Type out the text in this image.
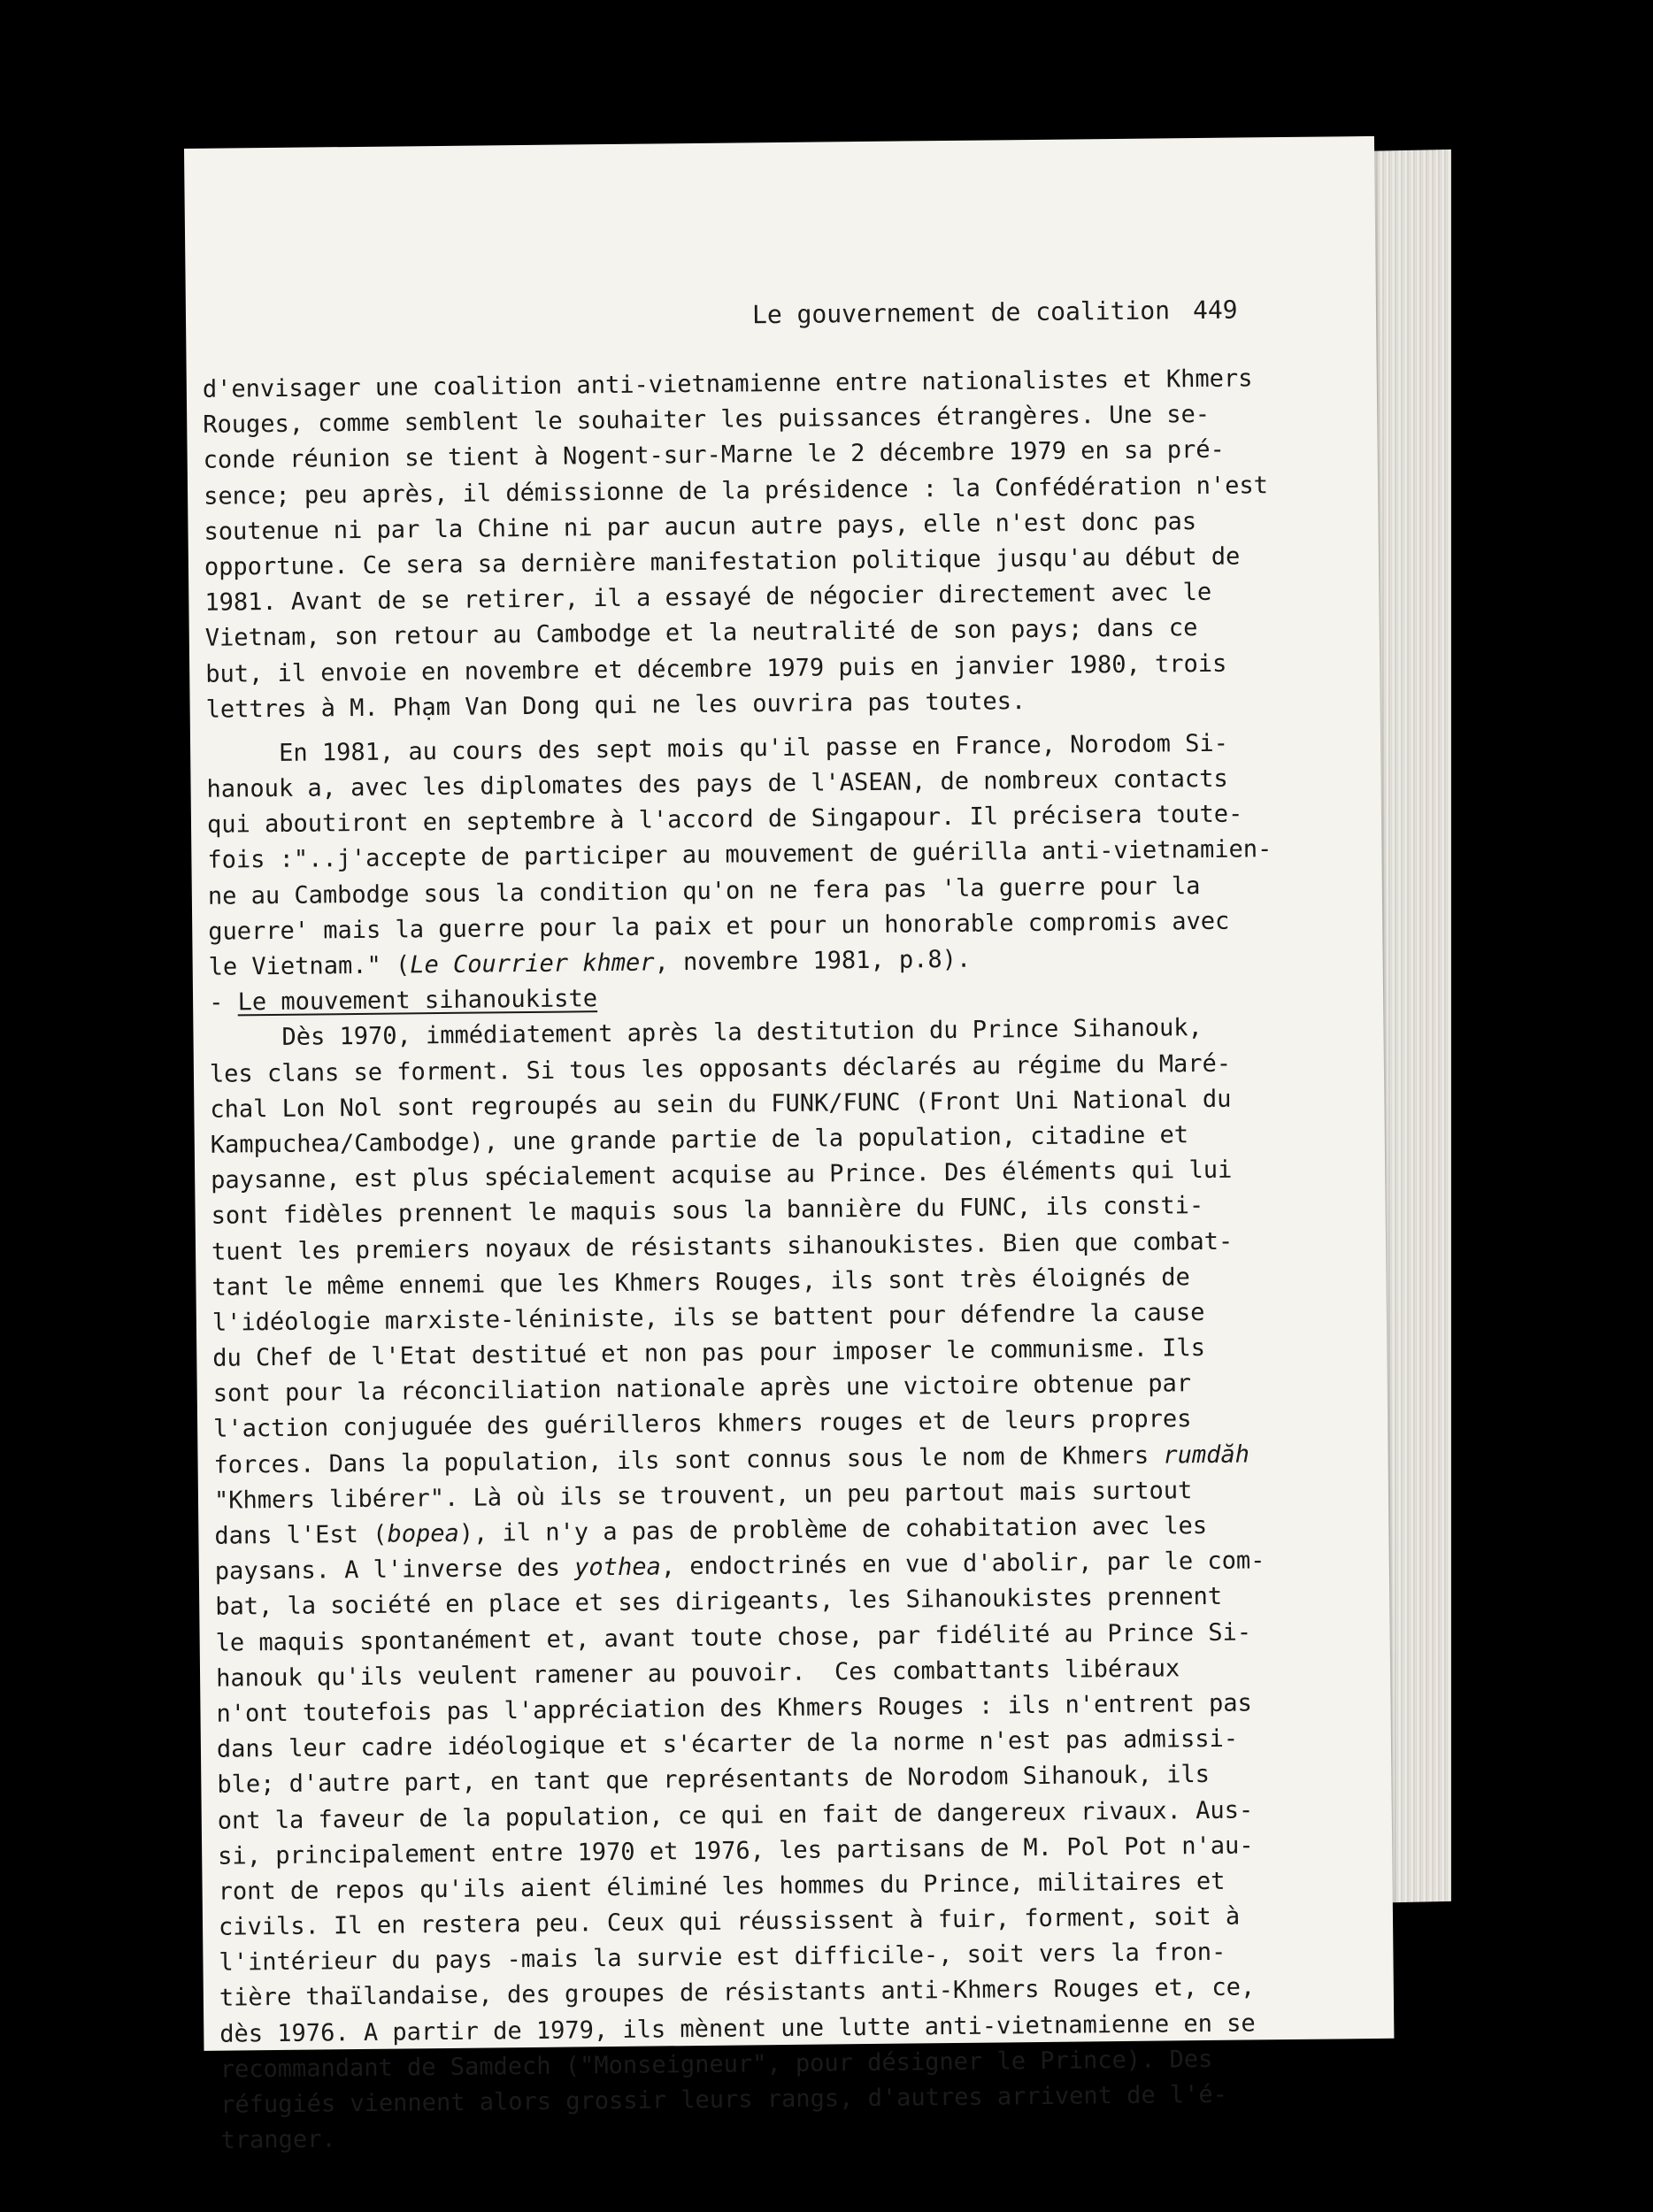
Le gouvernement de coalition 449
d'envisager une coalition anti-vietnamienne entre nationalistes et Khmers
Rouges, comme semblent le souhaiter les puissances étrangères. Une se-
conde réunion se tient à Nogent-sur-Marne le 2 décembre 1979 en sa pré-
sence; peu après, il démissionne de la présidence : la Confédération n'est
soutenue ni par la Chine ni par aucun autre pays, elle n'est donc pas
opportune. Ce sera sa dernière manifestation politique jusqu'au début de
1981. Avant de se retirer, il a essayé de négocier directement avec le
Vietnam, son retour au Cambodge et la neutralité de son pays; dans ce
but, il envoie en novembre et décembre 1979 puis en janvier 1980, trois
lettres à M. Phạm Van Dong qui ne les ouvrira pas toutes.
En 1981, au cours des sept mois qu'il passe en France, Norodom Si-
hanouk a, avec les diplomates des pays de l'ASEAN, de nombreux contacts
qui aboutiront en septembre à l'accord de Singapour. Il précisera toute-
fois :"..j'accepte de participer au mouvement de guérilla anti-vietnamien-
ne au Cambodge sous la condition qu'on ne fera pas 'la guerre pour la
guerre' mais la guerre pour la paix et pour un honorable compromis avec
le Vietnam." (Le Courrier khmer, novembre 1981, p.8).
- Le mouvement sihanoukiste
Dès 1970, immédiatement après la destitution du Prince Sihanouk,
les clans se forment. Si tous les opposants déclarés au régime du Maré-
chal Lon Nol sont regroupés au sein du FUNK/FUNC (Front Uni National du
Kampuchea/Cambodge), une grande partie de la population, citadine et
paysanne, est plus spécialement acquise au Prince. Des éléments qui lui
sont fidèles prennent le maquis sous la bannière du FUNC, ils consti-
tuent les premiers noyaux de résistants sihanoukistes. Bien que combat-
tant le même ennemi que les Khmers Rouges, ils sont très éloignés de
l'idéologie marxiste-léniniste, ils se battent pour défendre la cause
du Chef de l'Etat destitué et non pas pour imposer le communisme. Ils
sont pour la réconciliation nationale après une victoire obtenue par
l'action conjuguée des guérilleros khmers rouges et de leurs propres
forces. Dans la population, ils sont connus sous le nom de Khmers rumdăh
"Khmers libérer". Là où ils se trouvent, un peu partout mais surtout
dans l'Est (bopea), il n'y a pas de problème de cohabitation avec les
paysans. A l'inverse des yothea, endoctrinés en vue d'abolir, par le com-
bat, la société en place et ses dirigeants, les Sihanoukistes prennent
le maquis spontanément et, avant toute chose, par fidélité au Prince Si-
hanouk qu'ils veulent ramener au pouvoir.  Ces combattants libéraux
n'ont toutefois pas l'appréciation des Khmers Rouges : ils n'entrent pas
dans leur cadre idéologique et s'écarter de la norme n'est pas admissi-
ble; d'autre part, en tant que représentants de Norodom Sihanouk, ils
ont la faveur de la population, ce qui en fait de dangereux rivaux. Aus-
si, principalement entre 1970 et 1976, les partisans de M. Pol Pot n'au-
ront de repos qu'ils aient éliminé les hommes du Prince, militaires et
civils. Il en restera peu. Ceux qui réussissent à fuir, forment, soit à
l'intérieur du pays -mais la survie est difficile-, soit vers la fron-
tière thaïlandaise, des groupes de résistants anti-Khmers Rouges et, ce,
dès 1976. A partir de 1979, ils mènent une lutte anti-vietnamienne en se
recommandant de Samdech ("Monseigneur", pour désigner le Prince). Des
réfugiés viennent alors grossir leurs rangs, d'autres arrivent de l'é-
tranger.
